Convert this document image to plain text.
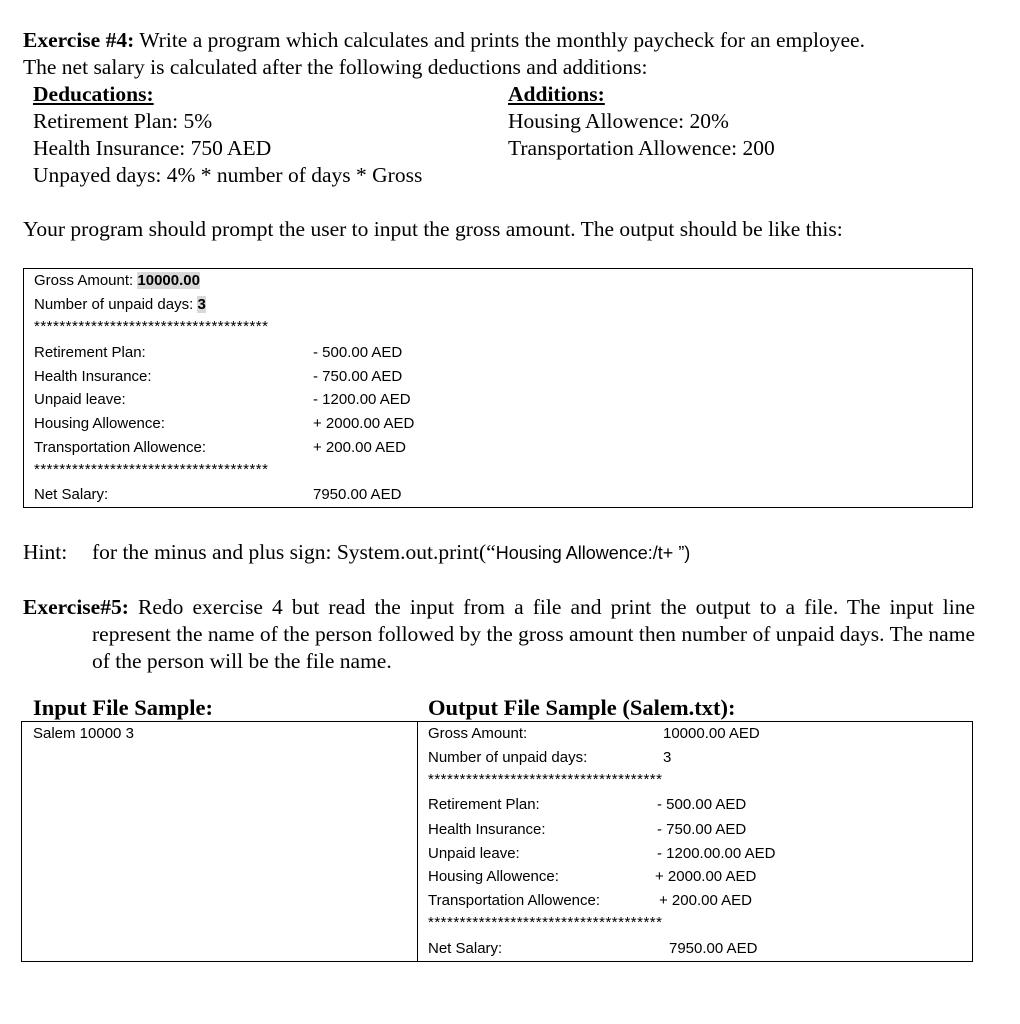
Exercise #4: Write a program which calculates and prints the monthly paycheck for an employee.
The net salary is calculated after the following deductions and additions:
Deducations:
Retirement Plan: 5%
Health Insurance: 750 AED
Unpayed days: 4% * number of days * Gross
Additions:
Housing Allowence: 20%
Transportation Allowence: 200
Your program should prompt the user to input the gross amount. The output should be like this:
Gross Amount: 10000.00
Number of unpaid days: 3
*************************************
Retirement Plan:	- 500.00 AED
Health Insurance:	- 750.00 AED
Unpaid leave:	- 1200.00 AED
Housing Allowence:	+ 2000.00 AED
Transportation Allowence:	+ 200.00 AED
*************************************
Net Salary:	7950.00 AED
Hint: for the minus and plus sign: System.out.print(“Housing Allowence:/t+ ”)
Exercise#5: Redo exercise 4 but read the input from a file and print the output to a file. The input line represent the name of the person followed by the gross amount then number of unpaid days. The name of the person will be the file name.
Input File Sample:	Output File Sample (Salem.txt):
Salem 10000 3	Gross Amount:	10000.00 AED
Number of unpaid days:	3
*************************************
Retirement Plan:	- 500.00 AED
Health Insurance:	- 750.00 AED
Unpaid leave:	- 1200.00.00 AED
Housing Allowence:	+ 2000.00 AED
Transportation Allowence:	+ 200.00 AED
*************************************
Net Salary:	7950.00 AED
